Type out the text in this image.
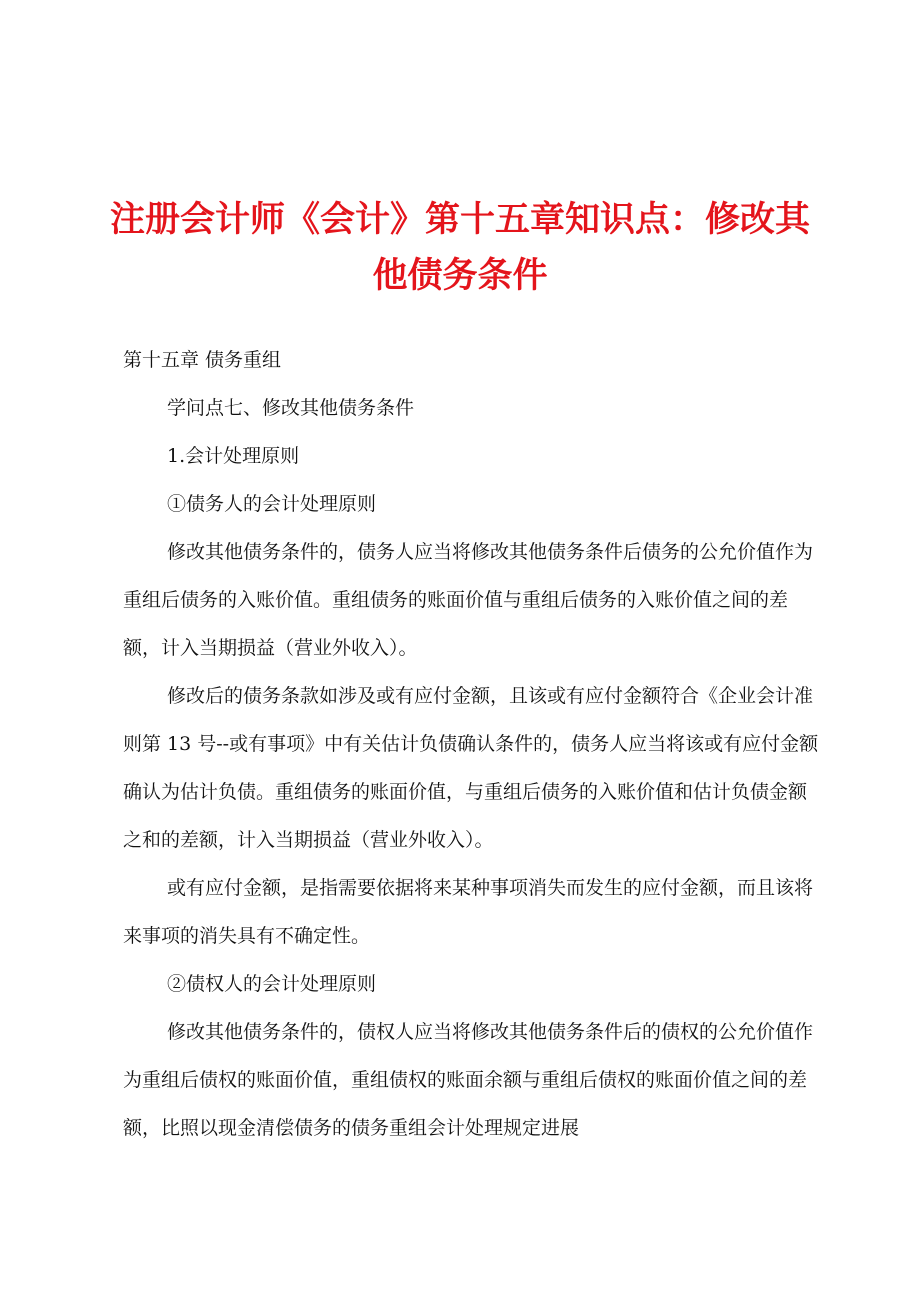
注册会计师《会计》第十五章知识点：修改其他债务条件

第十五章 债务重组

学问点七、修改其他债务条件

1.会计处理原则

①债务人的会计处理原则

修改其他债务条件的，债务人应当将修改其他债务条件后债务的公允价值作为重组后债务的入账价值。重组债务的账面价值与重组后债务的入账价值之间的差额，计入当期损益（营业外收入）。

修改后的债务条款如涉及或有应付金额，且该或有应付金额符合《企业会计准则第 13 号--或有事项》中有关估计负债确认条件的，债务人应当将该或有应付金额确认为估计负债。重组债务的账面价值，与重组后债务的入账价值和估计负债金额之和的差额，计入当期损益（营业外收入）。

或有应付金额，是指需要依据将来某种事项消失而发生的应付金额，而且该将来事项的消失具有不确定性。

②债权人的会计处理原则

修改其他债务条件的，债权人应当将修改其他债务条件后的债权的公允价值作为重组后债权的账面价值，重组债权的账面余额与重组后债权的账面价值之间的差额，比照以现金清偿债务的债务重组会计处理规定进展
